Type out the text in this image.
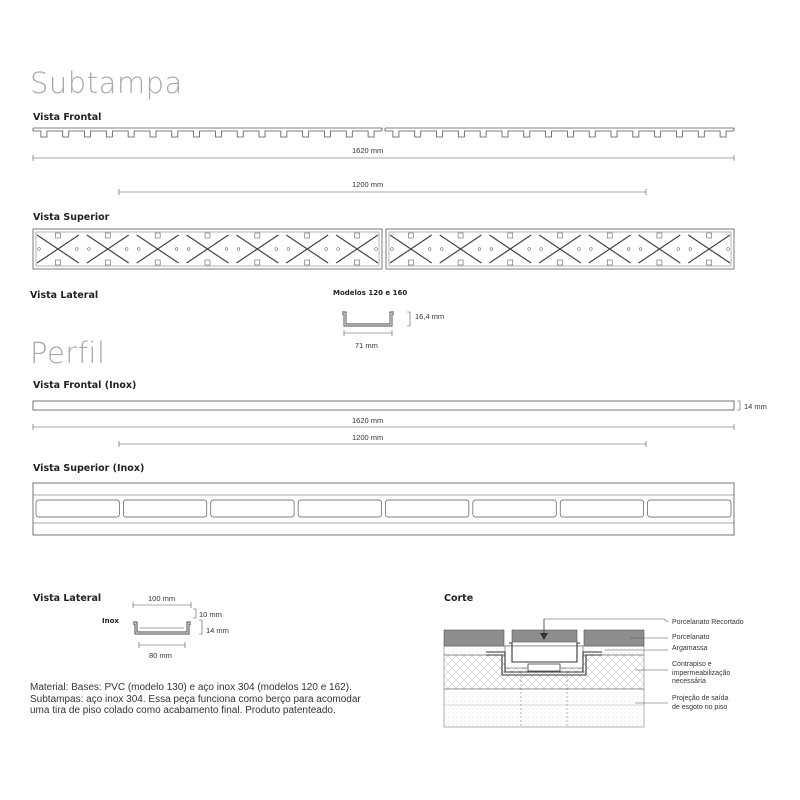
Subtampa
Vista Frontal
1620 mm
1200 mm
Vista Superior
Vista Lateral	Modelos 120 e 160
16,4 mm
71 mm
Perfil
Vista Frontal (Inox)
14 mm
1620 mm
1200 mm
Vista Superior (Inox)
Vista Lateral
Inox
100 mm
10 mm
14 mm
80 mm
Material: Bases: PVC (modelo 130) e aço inox 304 (modelos 120 e 162).
Subtampas: aço inox 304. Essa peça funciona como berço para acomodar
uma tira de piso colado como acabamento final. Produto patenteado.
Corte
Porcelanato Recortado
Porcelanato
Argamassa
Contrapiso e
impermeabilização
necessária
Projeção de saída
de esgoto no piso
